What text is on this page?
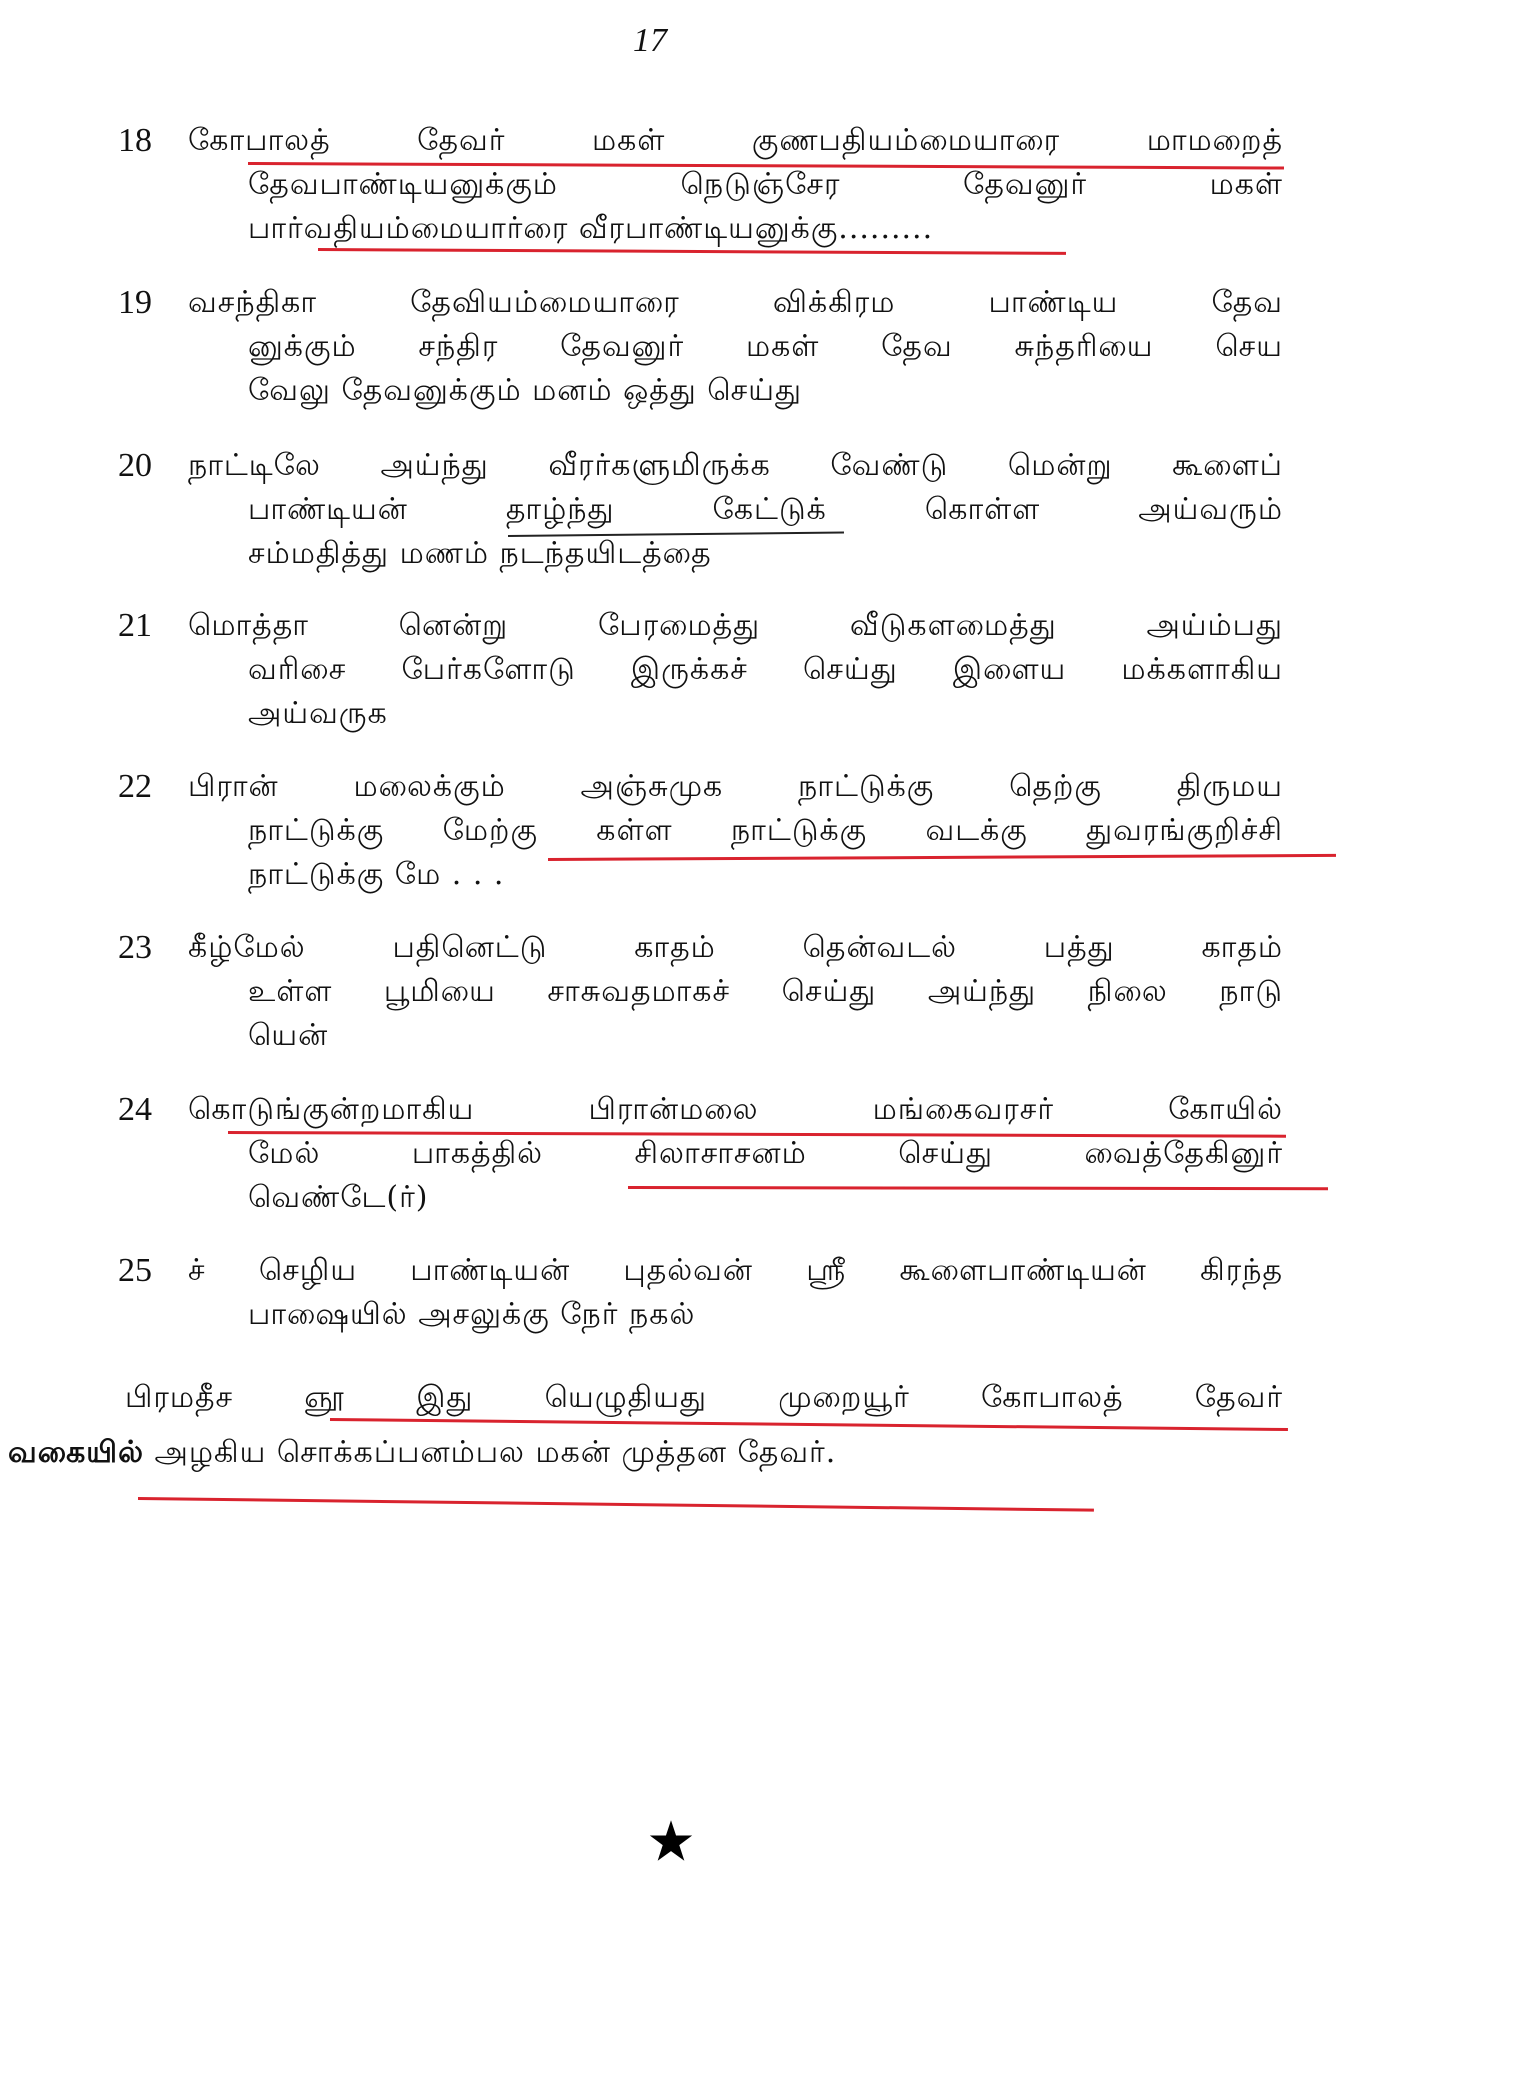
17
18	கோபாலத் தேவர் மகள் குணபதியம்மையாரை மாமறைத்
தேவபாண்டியனுக்கும் நெடுஞ்சேர தேவனுர் மகள்
பார்வதியம்மையார்ரை வீரபாண்டியனுக்கு.........
19	வசந்திகா தேவியம்மையாரை விக்கிரம பாண்டிய தேவ
னுக்கும் சந்திர தேவனுர் மகள் தேவ சுந்தரியை செய
வேலு தேவனுக்கும் மனம் ஒத்து செய்து
20	நாட்டிலே அய்ந்து வீரர்களுமிருக்க வேண்டு மென்று கூளைப்
பாண்டியன் தாழ்ந்து கேட்டுக் கொள்ள அய்வரும்
சம்மதித்து மணம் நடந்தயிடத்தை
21	மொத்தா னென்று பேரமைத்து வீடுகளமைத்து அய்ம்பது
வரிசை பேர்களோடு இருக்கச் செய்து இளைய மக்களாகிய
அய்வருக
22	பிரான் மலைக்கும் அஞ்சுமுக நாட்டுக்கு தெற்கு திருமய
நாட்டுக்கு மேற்கு கள்ள நாட்டுக்கு வடக்கு துவரங்குறிச்சி
நாட்டுக்கு மே . . .
23	கீழ்மேல் பதினெட்டு காதம் தென்வடல் பத்து காதம்
உள்ள பூமியை சாசுவதமாகச் செய்து அய்ந்து நிலை நாடு
யென்
24	கொடுங்குன்றமாகிய பிரான்மலை மங்கைவரசர் கோயில்
மேல் பாகத்தில் சிலாசாசனம் செய்து வைத்தேகினுர்
வெண்டே(ர்)
25	ச் செழிய பாண்டியன் புதல்வன் ஸ்ரீ கூளைபாண்டியன் கிரந்த
பாஷையில் அசலுக்கு நேர் நகல்
பிரமதீச ஞூ இது யெழுதியது முறையூர் கோபாலத் தேவர்
வகையில் அழகிய சொக்கப்பனம்பல மகன் முத்தன தேவர்.
